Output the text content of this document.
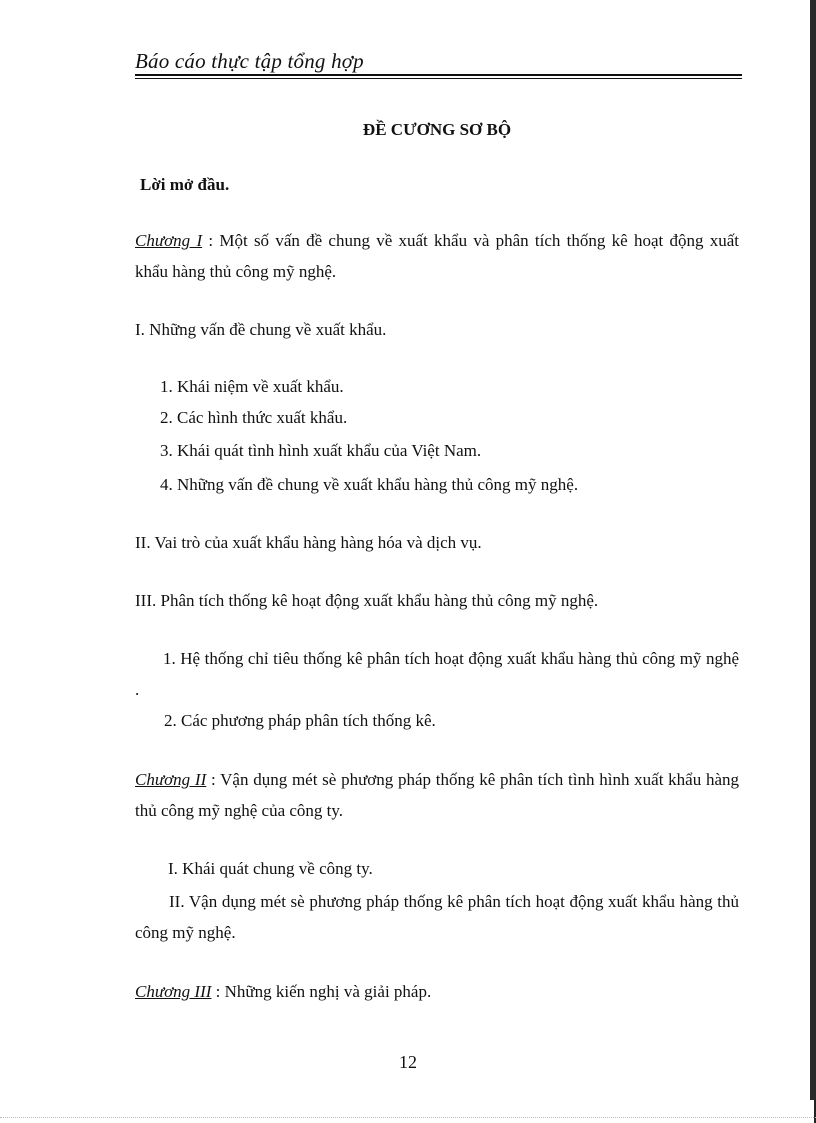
Báo cáo thực tập tổng hợp
ĐỀ CƯƠNG SƠ BỘ
Lời mở đầu.
Chương I : Một số vấn đề chung về xuất khẩu và phân tích thống kê hoạt động xuất khẩu hàng thủ công mỹ nghệ.
I. Những vấn đề chung về xuất khẩu.
1. Khái niệm về xuất khẩu.
2. Các hình thức xuất khẩu.
3. Khái quát tình hình xuất khẩu của Việt Nam.
4. Những vấn đề chung về xuất khẩu hàng thủ công mỹ nghệ.
II. Vai trò của xuất khẩu hàng hàng hóa và dịch vụ.
III. Phân tích thống kê hoạt động xuất khẩu hàng thủ công mỹ nghệ.
1. Hệ thống chỉ tiêu thống kê phân tích hoạt động xuất khẩu hàng thủ công mỹ nghệ .
2. Các phương pháp phân tích thống kê.
Chương II : Vận dụng mét sè phương pháp thống kê phân tích tình hình xuất khẩu hàng thủ công mỹ nghệ của công ty.
I. Khái quát chung về công ty.
II. Vận dụng mét sè phương pháp thống kê phân tích hoạt động xuất khẩu hàng thủ công mỹ nghệ.
Chương III : Những kiến nghị và giải pháp.
12
